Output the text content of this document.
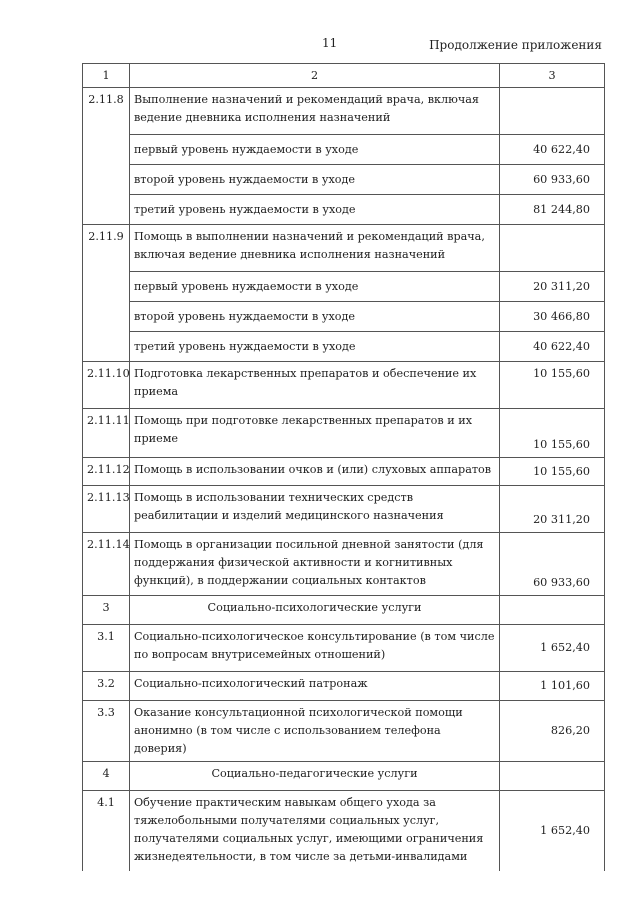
11	Продолжение приложения
1	2	3
2.11.8	Выполнение назначений и рекомендаций врача, включая ведение дневника исполнения назначений	
	первый уровень нуждаемости в уходе	40 622,40
	второй уровень нуждаемости в уходе	60 933,60
	третий уровень нуждаемости в уходе	81 244,80
2.11.9	Помощь в выполнении назначений и рекомендаций врача, включая ведение дневника исполнения назначений	
	первый уровень нуждаемости в уходе	20 311,20
	второй уровень нуждаемости в уходе	30 466,80
	третий уровень нуждаемости в уходе	40 622,40
2.11.10	Подготовка лекарственных препаратов и обеспечение их приема	10 155,60
2.11.11	Помощь при подготовке лекарственных препаратов и их приеме	10 155,60
2.11.12	Помощь в использовании очков и (или) слуховых аппаратов	10 155,60
2.11.13	Помощь в использовании технических средств реабилитации и изделий медицинского назначения	20 311,20
2.11.14	Помощь в организации посильной дневной занятости (для поддержания физической активности и когнитивных функций), в поддержании социальных контактов	60 933,60
3	Социально-психологические услуги	
3.1	Социально-психологическое консультирование (в том числе по вопросам внутрисемейных отношений)	1 652,40
3.2	Социально-психологический патронаж	1 101,60
3.3	Оказание консультационной психологической помощи анонимно (в том числе с использованием телефона доверия)	826,20
4	Социально-педагогические услуги	
4.1	Обучение практическим навыкам общего ухода за тяжелобольными получателями социальных услуг, получателями социальных услуг, имеющими ограничения жизнедеятельности, в том числе за детьми-инвалидами	1 652,40
